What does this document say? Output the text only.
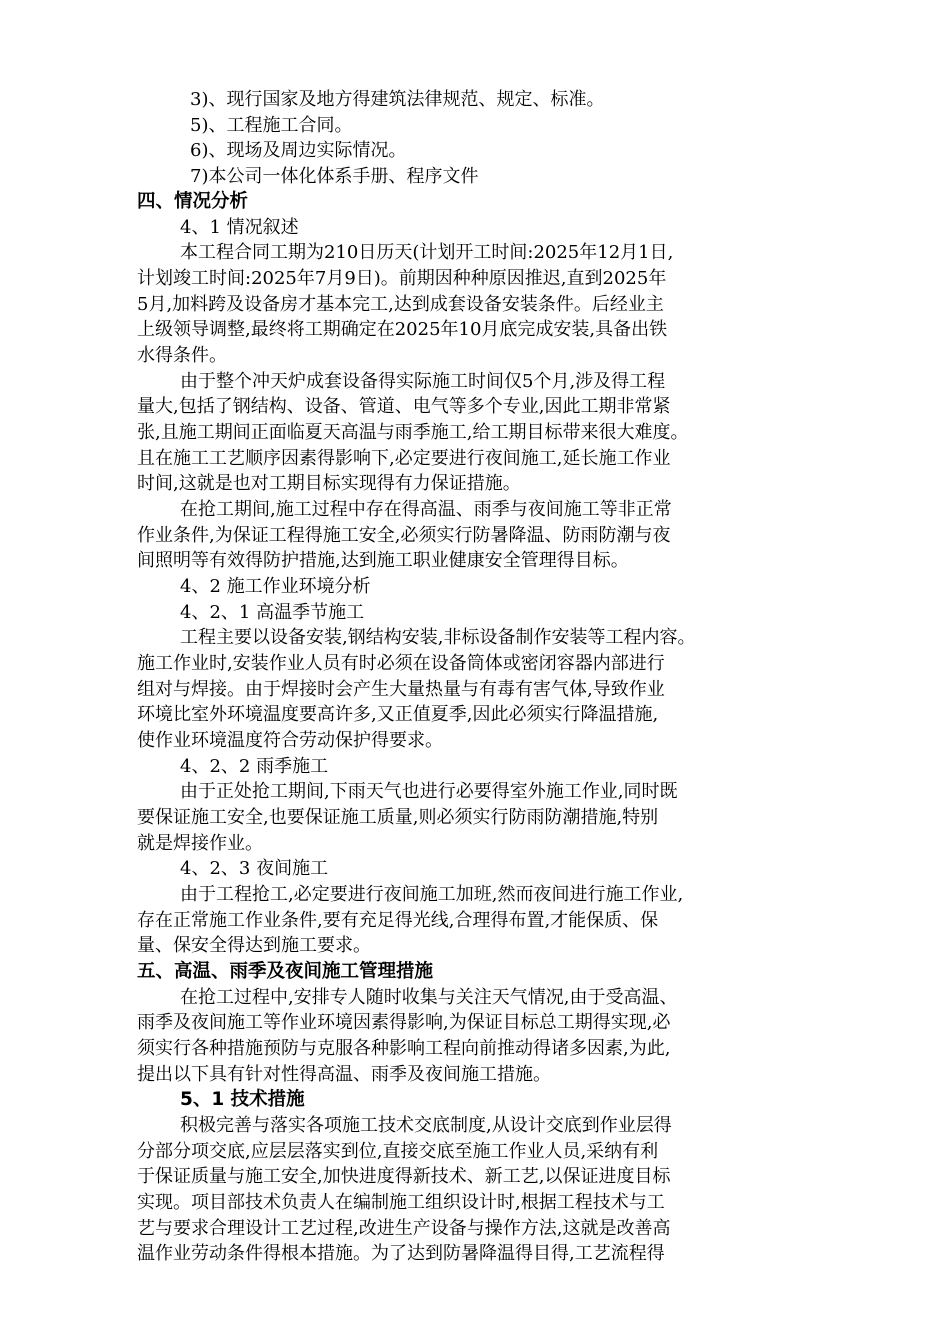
3)、现行国家及地方得建筑法律规范、规定、标准。
5)、工程施工合同。
6)、现场及周边实际情况。
7)本公司一体化体系手册、程序文件
四、情况分析
4、1 情况叙述
本工程合同工期为210日历天(计划开工时间:2025年12月1日,
计划竣工时间:2025年7月9日)。前期因种种原因推迟,直到2025年
5月,加料跨及设备房才基本完工,达到成套设备安装条件。后经业主
上级领导调整,最终将工期确定在2025年10月底完成安装,具备出铁
水得条件。
由于整个冲天炉成套设备得实际施工时间仅5个月,涉及得工程
量大,包括了钢结构、设备、管道、电气等多个专业,因此工期非常紧
张,且施工期间正面临夏天高温与雨季施工,给工期目标带来很大难度。
且在施工工艺顺序因素得影响下,必定要进行夜间施工,延长施工作业
时间,这就是也对工期目标实现得有力保证措施。
在抢工期间,施工过程中存在得高温、雨季与夜间施工等非正常
作业条件,为保证工程得施工安全,必须实行防暑降温、防雨防潮与夜
间照明等有效得防护措施,达到施工职业健康安全管理得目标。
4、2 施工作业环境分析
4、2、1 高温季节施工
工程主要以设备安装,钢结构安装,非标设备制作安装等工程内容。
施工作业时,安装作业人员有时必须在设备筒体或密闭容器内部进行
组对与焊接。由于焊接时会产生大量热量与有毒有害气体,导致作业
环境比室外环境温度要高许多,又正值夏季,因此必须实行降温措施,
使作业环境温度符合劳动保护得要求。
4、2、2 雨季施工
由于正处抢工期间,下雨天气也进行必要得室外施工作业,同时既
要保证施工安全,也要保证施工质量,则必须实行防雨防潮措施,特别
就是焊接作业。
4、2、3 夜间施工
由于工程抢工,必定要进行夜间施工加班,然而夜间进行施工作业,
存在正常施工作业条件,要有充足得光线,合理得布置,才能保质、保
量、保安全得达到施工要求。
五、高温、雨季及夜间施工管理措施
在抢工过程中,安排专人随时收集与关注天气情况,由于受高温、
雨季及夜间施工等作业环境因素得影响,为保证目标总工期得实现,必
须实行各种措施预防与克服各种影响工程向前推动得诸多因素,为此,
提出以下具有针对性得高温、雨季及夜间施工措施。
5、1 技术措施
积极完善与落实各项施工技术交底制度,从设计交底到作业层得
分部分项交底,应层层落实到位,直接交底至施工作业人员,采纳有利
于保证质量与施工安全,加快进度得新技术、新工艺,以保证进度目标
实现。项目部技术负责人在编制施工组织设计时,根据工程技术与工
艺与要求合理设计工艺过程,改进生产设备与操作方法,这就是改善高
温作业劳动条件得根本措施。为了达到防暑降温得目得,工艺流程得
